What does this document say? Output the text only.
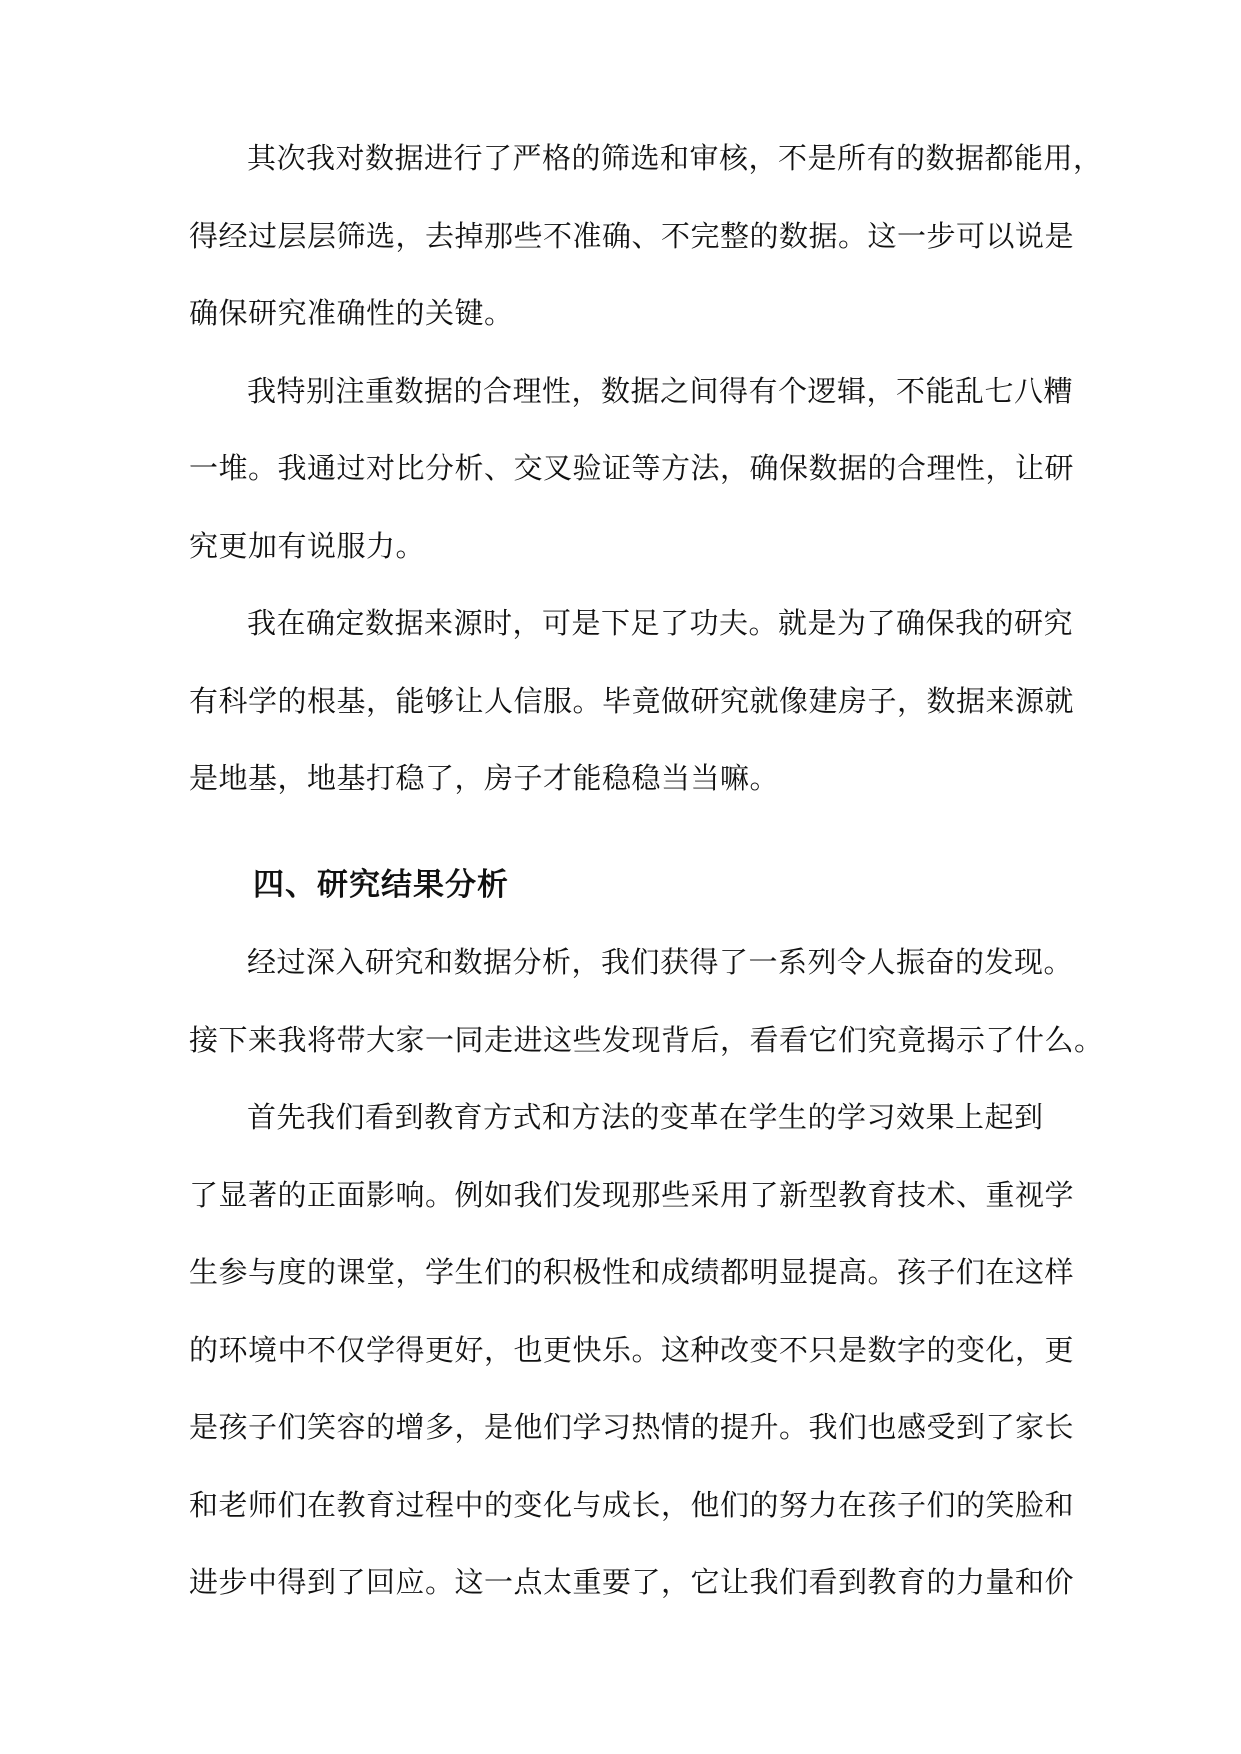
其次我对数据进行了严格的筛选和审核，不是所有的数据都能用，
得经过层层筛选，去掉那些不准确、不完整的数据。这一步可以说是
确保研究准确性的关键。
我特别注重数据的合理性，数据之间得有个逻辑，不能乱七八糟
一堆。我通过对比分析、交叉验证等方法，确保数据的合理性，让研
究更加有说服力。
我在确定数据来源时，可是下足了功夫。就是为了确保我的研究
有科学的根基，能够让人信服。毕竟做研究就像建房子，数据来源就
是地基，地基打稳了，房子才能稳稳当当嘛。
四、研究结果分析
经过深入研究和数据分析，我们获得了一系列令人振奋的发现。
接下来我将带大家一同走进这些发现背后，看看它们究竟揭示了什么。
首先我们看到教育方式和方法的变革在学生的学习效果上起到
了显著的正面影响。例如我们发现那些采用了新型教育技术、重视学
生参与度的课堂，学生们的积极性和成绩都明显提高。孩子们在这样
的环境中不仅学得更好，也更快乐。这种改变不只是数字的变化，更
是孩子们笑容的增多，是他们学习热情的提升。我们也感受到了家长
和老师们在教育过程中的变化与成长，他们的努力在孩子们的笑脸和
进步中得到了回应。这一点太重要了，它让我们看到教育的力量和价
